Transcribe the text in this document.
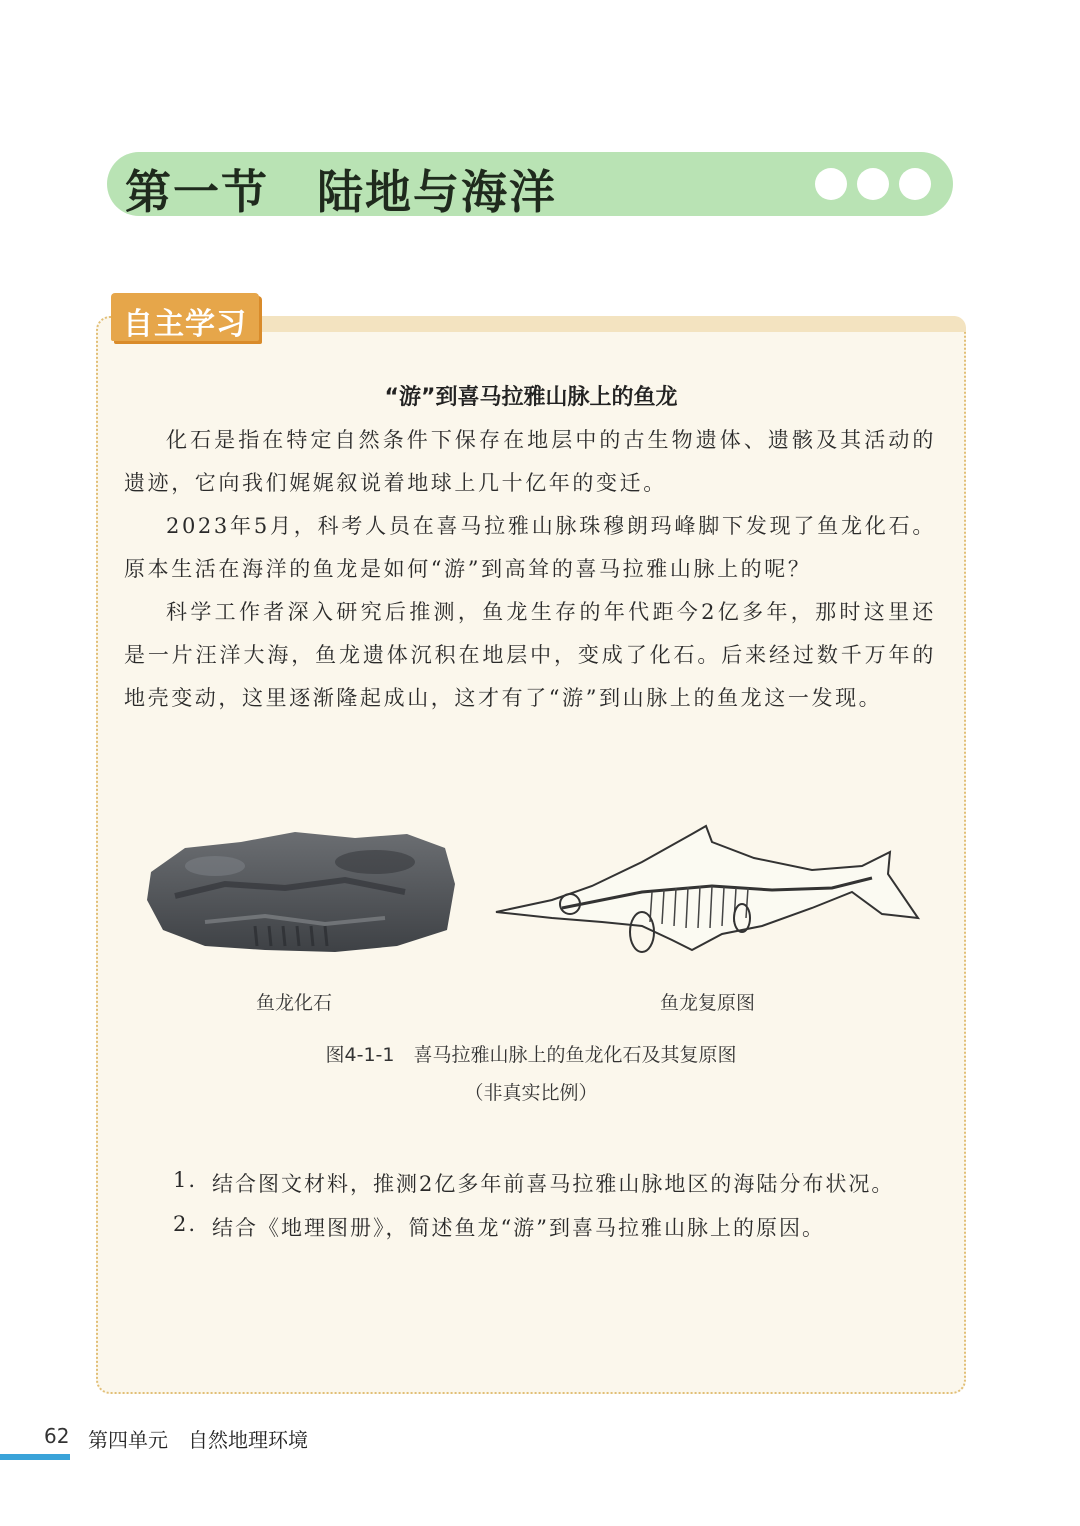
第一节　陆地与海洋
自主学习
“游”到喜马拉雅山脉上的鱼龙
化石是指在特定自然条件下保存在地层中的古生物遗体、遗骸及其活动的遗迹，它向我们娓娓叙说着地球上几十亿年的变迁。
2023年5月，科考人员在喜马拉雅山脉珠穆朗玛峰脚下发现了鱼龙化石。原本生活在海洋的鱼龙是如何“游”到高耸的喜马拉雅山脉上的呢？
科学工作者深入研究后推测，鱼龙生存的年代距今2亿多年，那时这里还是一片汪洋大海，鱼龙遗体沉积在地层中，变成了化石。后来经过数千万年的地壳变动，这里逐渐隆起成山，这才有了“游”到山脉上的鱼龙这一发现。
鱼龙化石	鱼龙复原图
图4-1-1　喜马拉雅山脉上的鱼龙化石及其复原图
（非真实比例）
1. 结合图文材料，推测2亿多年前喜马拉雅山脉地区的海陆分布状况。
2. 结合《地理图册》，简述鱼龙“游”到喜马拉雅山脉上的原因。
62 第四单元　自然地理环境
